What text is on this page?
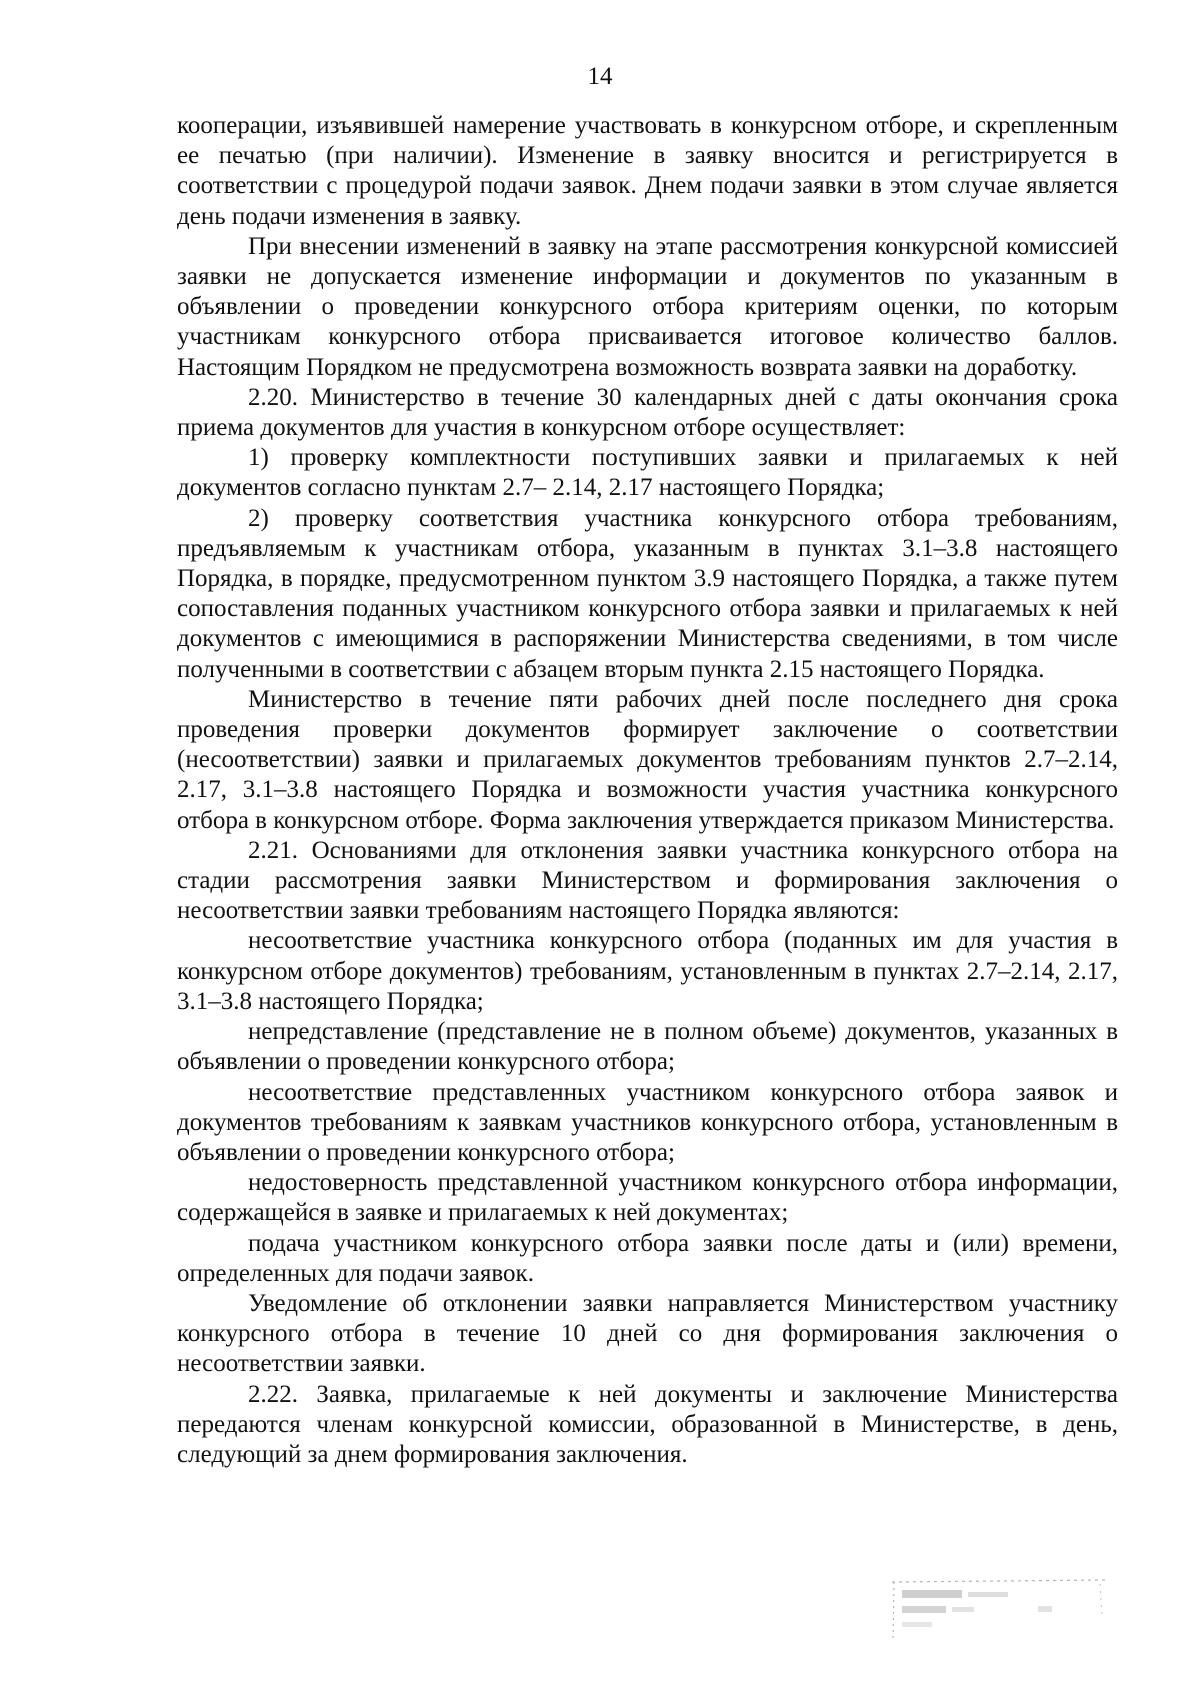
14

кооперации, изъявившей намерение участвовать в конкурсном отборе, и скрепленным ее печатью (при наличии). Изменение в заявку вносится и регистрируется в соответствии с процедурой подачи заявок. Днем подачи заявки в этом случае является день подачи изменения в заявку.

При внесении изменений в заявку на этапе рассмотрения конкурсной комиссией заявки не допускается изменение информации и документов по указанным в объявлении о проведении конкурсного отбора критериям оценки, по которым участникам конкурсного отбора присваивается итоговое количество баллов. Настоящим Порядком не предусмотрена возможность возврата заявки на доработку.

2.20. Министерство в течение 30 календарных дней с даты окончания срока приема документов для участия в конкурсном отборе осуществляет:

1) проверку комплектности поступивших заявки и прилагаемых к ней документов согласно пунктам 2.7– 2.14, 2.17 настоящего Порядка;

2) проверку соответствия участника конкурсного отбора требованиям, предъявляемым к участникам отбора, указанным в пунктах 3.1–3.8 настоящего Порядка, в порядке, предусмотренном пунктом 3.9 настоящего Порядка, а также путем сопоставления поданных участником конкурсного отбора заявки и прилагаемых к ней документов с имеющимися в распоряжении Министерства сведениями, в том числе полученными в соответствии с абзацем вторым пункта 2.15 настоящего Порядка.

Министерство в течение пяти рабочих дней после последнего дня срока проведения проверки документов формирует заключение о соответствии (несоответствии) заявки и прилагаемых документов требованиям пунктов 2.7–2.14, 2.17, 3.1–3.8 настоящего Порядка и возможности участия участника конкурсного отбора в конкурсном отборе. Форма заключения утверждается приказом Министерства.

2.21. Основаниями для отклонения заявки участника конкурсного отбора на стадии рассмотрения заявки Министерством и формирования заключения о несоответствии заявки требованиям настоящего Порядка являются:

несоответствие участника конкурсного отбора (поданных им для участия в конкурсном отборе документов) требованиям, установленным в пунктах 2.7–2.14, 2.17, 3.1–3.8 настоящего Порядка;

непредставление (представление не в полном объеме) документов, указанных в объявлении о проведении конкурсного отбора;

несоответствие представленных участником конкурсного отбора заявок и документов требованиям к заявкам участников конкурсного отбора, установленным в объявлении о проведении конкурсного отбора;

недостоверность представленной участником конкурсного отбора информации, содержащейся в заявке и прилагаемых к ней документах;

подача участником конкурсного отбора заявки после даты и (или) времени, определенных для подачи заявок.

Уведомление об отклонении заявки направляется Министерством участнику конкурсного отбора в течение 10 дней со дня формирования заключения о несоответствии заявки.

2.22. Заявка, прилагаемые к ней документы и заключение Министерства передаются членам конкурсной комиссии, образованной в Министерстве, в день, следующий за днем формирования заключения.
